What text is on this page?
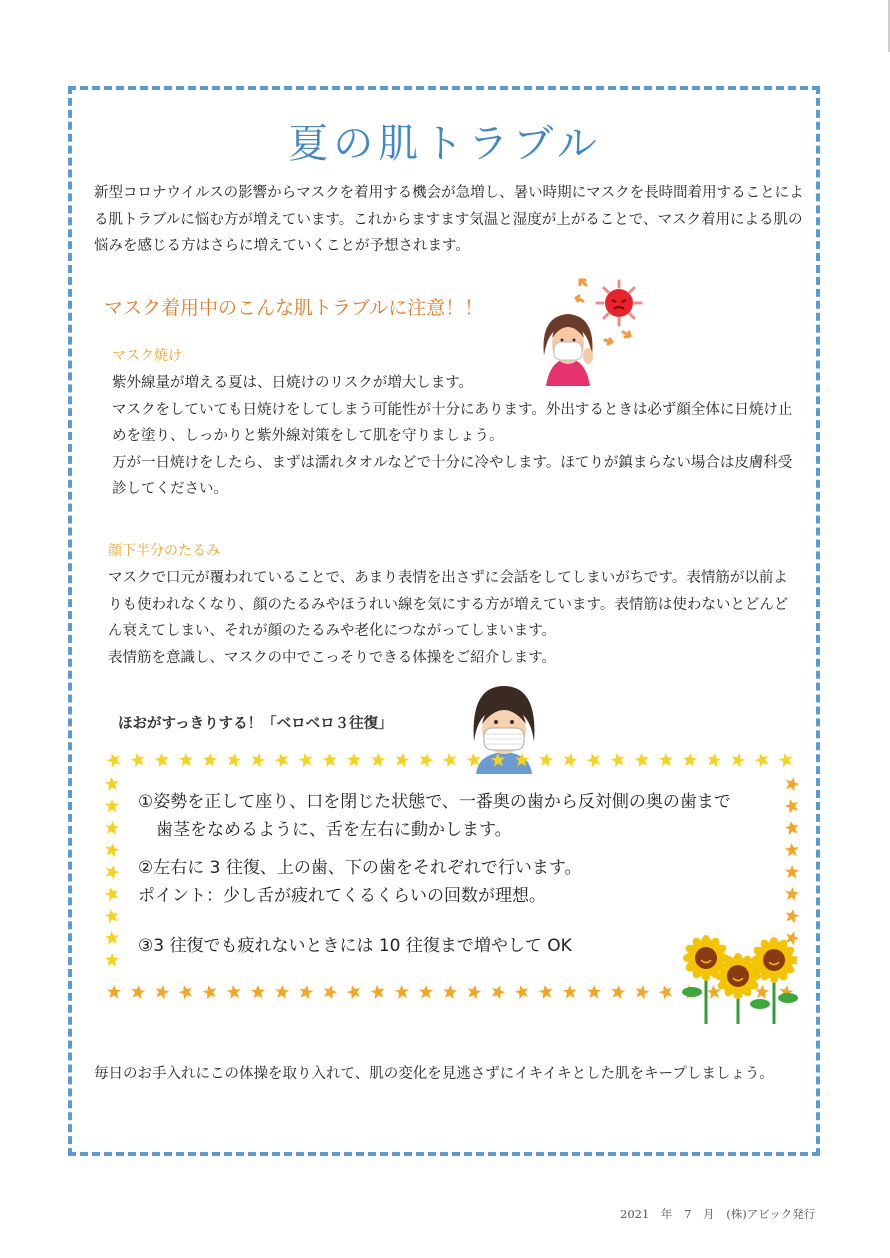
夏の肌トラブル

新型コロナウイルスの影響からマスクを着用する機会が急増し、暑い時期にマスクを長時間着用することによる肌トラブルに悩む方が増えています。これからますます気温と湿度が上がることで、マスク着用による肌の悩みを感じる方はさらに増えていくことが予想されます。

マスク着用中のこんな肌トラブルに注意！！
マスク焼け
紫外線量が増える夏は、日焼けのリスクが増大します。
マスクをしていても日焼けをしてしまう可能性が十分にあります。外出するときは必ず顔全体に日焼け止めを塗り、しっかりと紫外線対策をして肌を守りましょう。
万が一日焼けをしたら、まずは濡れタオルなどで十分に冷やします。ほてりが鎮まらない場合は皮膚科受診してください。
顔下半分のたるみ
マスクで口元が覆われていることで、あまり表情を出さずに会話をしてしまいがちです。表情筋が以前よりも使われなくなり、顔のたるみやほうれい線を気にする方が増えています。表情筋は使わないとどんどん衰えてしまい、それが顔のたるみや老化につながってしまいます。
表情筋を意識し、マスクの中でこっそりできる体操をご紹介します。
ほおがすっきりする！「ベロベロ３往復」
①姿勢を正して座り、口を閉じた状態で、一番奥の歯から反対側の奥の歯まで
歯茎をなめるように、舌を左右に動かします。
②左右に 3 往復、上の歯、下の歯をそれぞれで行います。
ポイント：少し舌が疲れてくるくらいの回数が理想。
③3 往復でも疲れないときには 10 往復まで増やして OK
毎日のお手入れにこの体操を取り入れて、肌の変化を見逃さずにイキイキとした肌をキープしましょう。
2021 年 7 月 (株)アビック発行
